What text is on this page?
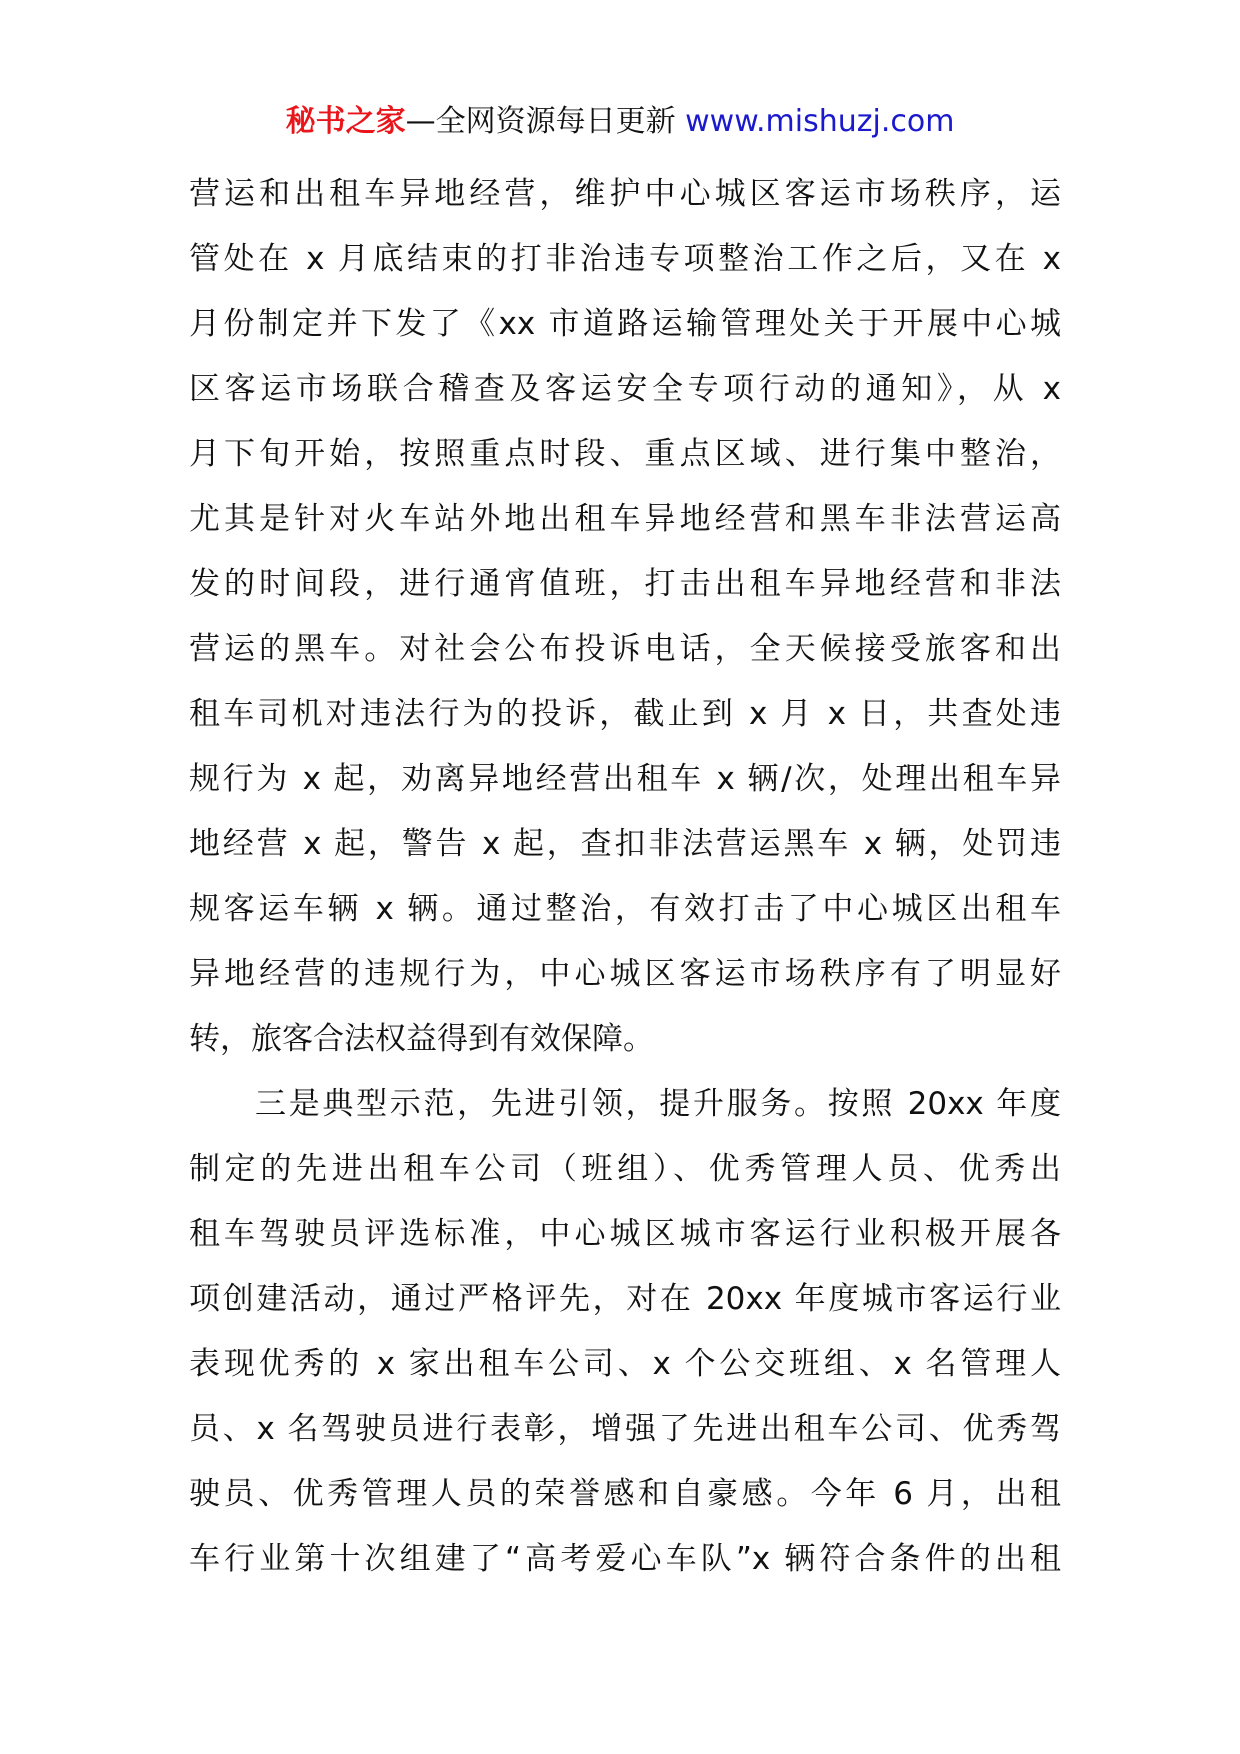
秘书之家—全网资源每日更新 www.mishuzj.com
营运和出租车异地经营，维护中心城区客运市场秩序，运
管处在 x 月底结束的打非治违专项整治工作之后，又在 x
月份制定并下发了《xx 市道路运输管理处关于开展中心城
区客运市场联合稽查及客运安全专项行动的通知》，从 x
月下旬开始，按照重点时段、重点区域、进行集中整治，
尤其是针对火车站外地出租车异地经营和黑车非法营运高
发的时间段，进行通宵值班，打击出租车异地经营和非法
营运的黑车。对社会公布投诉电话，全天候接受旅客和出
租车司机对违法行为的投诉，截止到 x 月 x 日，共查处违
规行为 x 起，劝离异地经营出租车 x 辆/次，处理出租车异
地经营 x 起，警告 x 起，查扣非法营运黑车 x 辆，处罚违
规客运车辆 x 辆。通过整治，有效打击了中心城区出租车
异地经营的违规行为，中心城区客运市场秩序有了明显好
转，旅客合法权益得到有效保障。
三是典型示范，先进引领，提升服务。按照 20xx 年度
制定的先进出租车公司（班组）、优秀管理人员、优秀出
租车驾驶员评选标准，中心城区城市客运行业积极开展各
项创建活动，通过严格评先，对在 20xx 年度城市客运行业
表现优秀的 x 家出租车公司、x 个公交班组、x 名管理人
员、x 名驾驶员进行表彰，增强了先进出租车公司、优秀驾
驶员、优秀管理人员的荣誉感和自豪感。今年 6 月，出租
车行业第十次组建了“高考爱心车队”x 辆符合条件的出租
